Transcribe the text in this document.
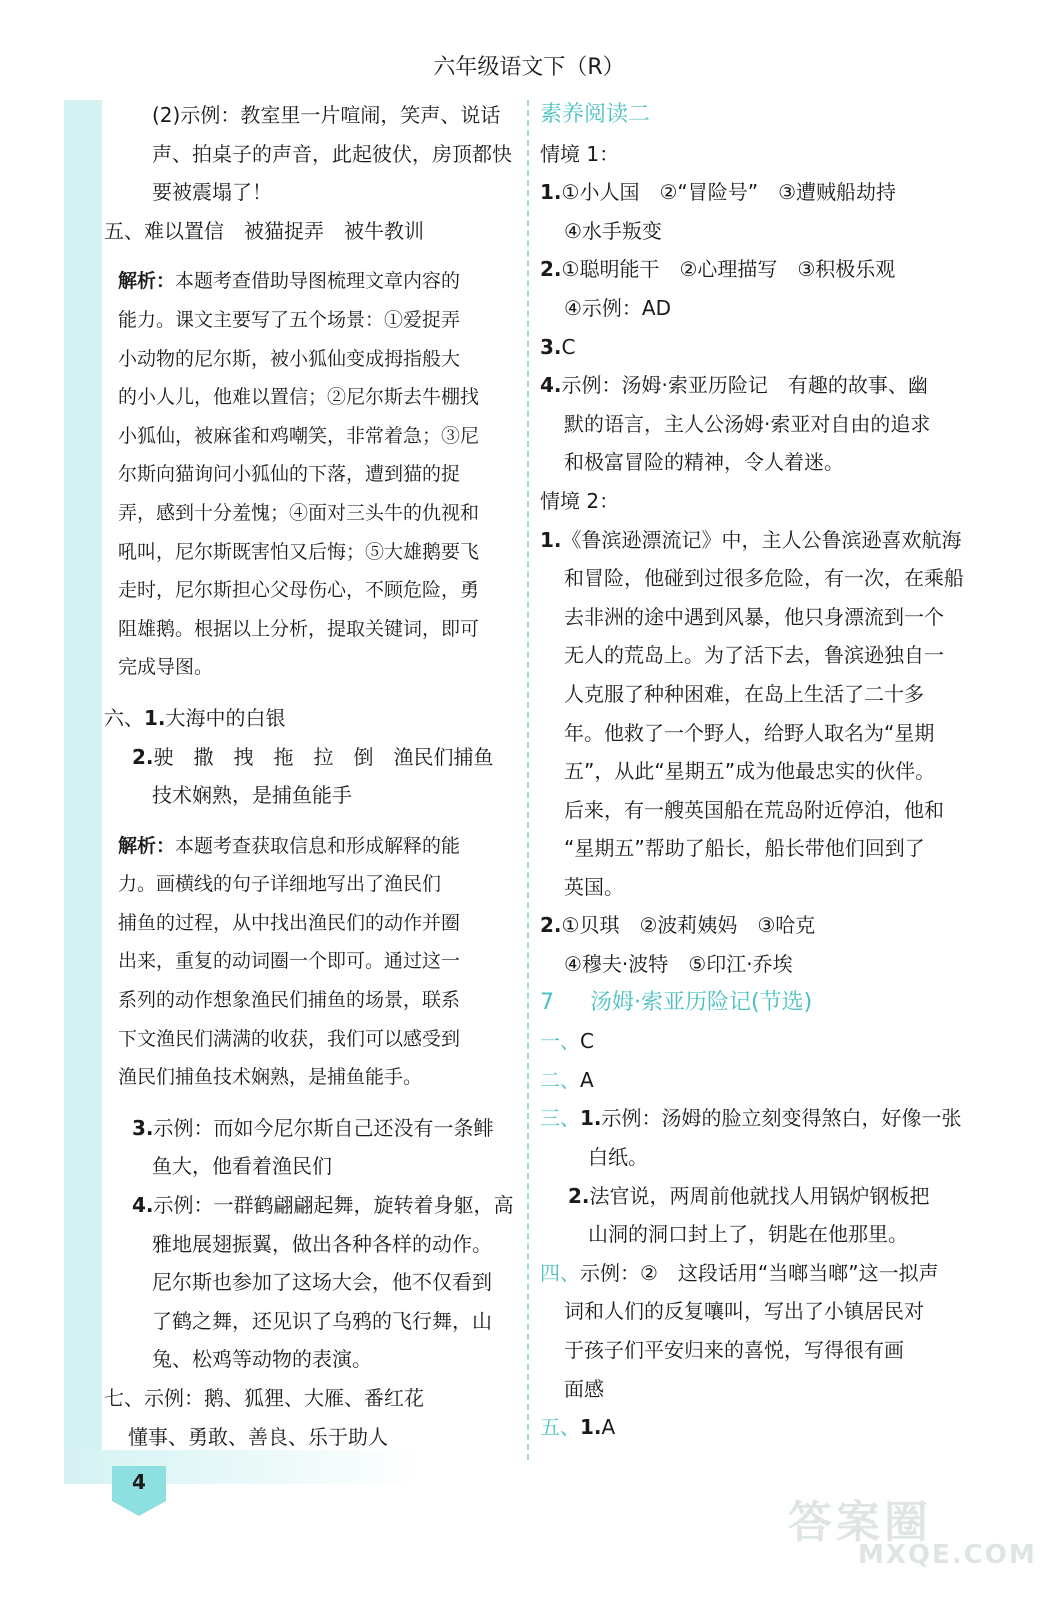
4
答案圈
MXQE.COM
六年级语文下（R）
(2)示例：教室里一片喧闹，笑声、说话
声、拍桌子的声音，此起彼伏，房顶都快
要被震塌了！
五、难以置信　被猫捉弄　被牛教训
解析：本题考查借助导图梳理文章内容的
能力。课文主要写了五个场景：①爱捉弄
小动物的尼尔斯，被小狐仙变成拇指般大
的小人儿，他难以置信；②尼尔斯去牛棚找
小狐仙，被麻雀和鸡嘲笑，非常着急；③尼
尔斯向猫询问小狐仙的下落，遭到猫的捉
弄，感到十分羞愧；④面对三头牛的仇视和
吼叫，尼尔斯既害怕又后悔；⑤大雄鹅要飞
走时，尼尔斯担心父母伤心，不顾危险，勇
阻雄鹅。根据以上分析，提取关键词，即可
完成导图。
六、1.大海中的白银
2.驶　撒　拽　拖　拉　倒　渔民们捕鱼
技术娴熟，是捕鱼能手
解析：本题考查获取信息和形成解释的能
力。画横线的句子详细地写出了渔民们
捕鱼的过程，从中找出渔民们的动作并圈
出来，重复的动词圈一个即可。通过这一
系列的动作想象渔民们捕鱼的场景，联系
下文渔民们满满的收获，我们可以感受到
渔民们捕鱼技术娴熟，是捕鱼能手。
3.示例：而如今尼尔斯自己还没有一条鲱
鱼大，他看着渔民们
4.示例：一群鹤翩翩起舞，旋转着身躯，高
雅地展翅振翼，做出各种各样的动作。
尼尔斯也参加了这场大会，他不仅看到
了鹤之舞，还见识了乌鸦的飞行舞，山
兔、松鸡等动物的表演。
七、示例：鹅、狐狸、大雁、番红花
懂事、勇敢、善良、乐于助人
素养阅读二
情境 1：
1.①小人国　②“冒险号”　③遭贼船劫持
④水手叛变
2.①聪明能干　②心理描写　③积极乐观
④示例：AD
3.C
4.示例：汤姆·索亚历险记　有趣的故事、幽
默的语言，主人公汤姆·索亚对自由的追求
和极富冒险的精神，令人着迷。
情境 2：
1.《鲁滨逊漂流记》中，主人公鲁滨逊喜欢航海
和冒险，他碰到过很多危险，有一次，在乘船
去非洲的途中遇到风暴，他只身漂流到一个
无人的荒岛上。为了活下去，鲁滨逊独自一
人克服了种种困难，在岛上生活了二十多
年。他救了一个野人，给野人取名为“星期
五”，从此“星期五”成为他最忠实的伙伴。
后来，有一艘英国船在荒岛附近停泊，他和
“星期五”帮助了船长，船长带他们回到了
英国。
2.①贝琪　②波莉姨妈　③哈克
④穆夫·波特　⑤印江·乔埃
7 汤姆·索亚历险记(节选)
一、C
二、A
三、1.示例：汤姆的脸立刻变得煞白，好像一张
白纸。
2.法官说，两周前他就找人用锅炉钢板把
山洞的洞口封上了，钥匙在他那里。
四、示例：②　这段话用“当啷当啷”这一拟声
词和人们的反复嚷叫，写出了小镇居民对
于孩子们平安归来的喜悦，写得很有画
面感
五、1.A
